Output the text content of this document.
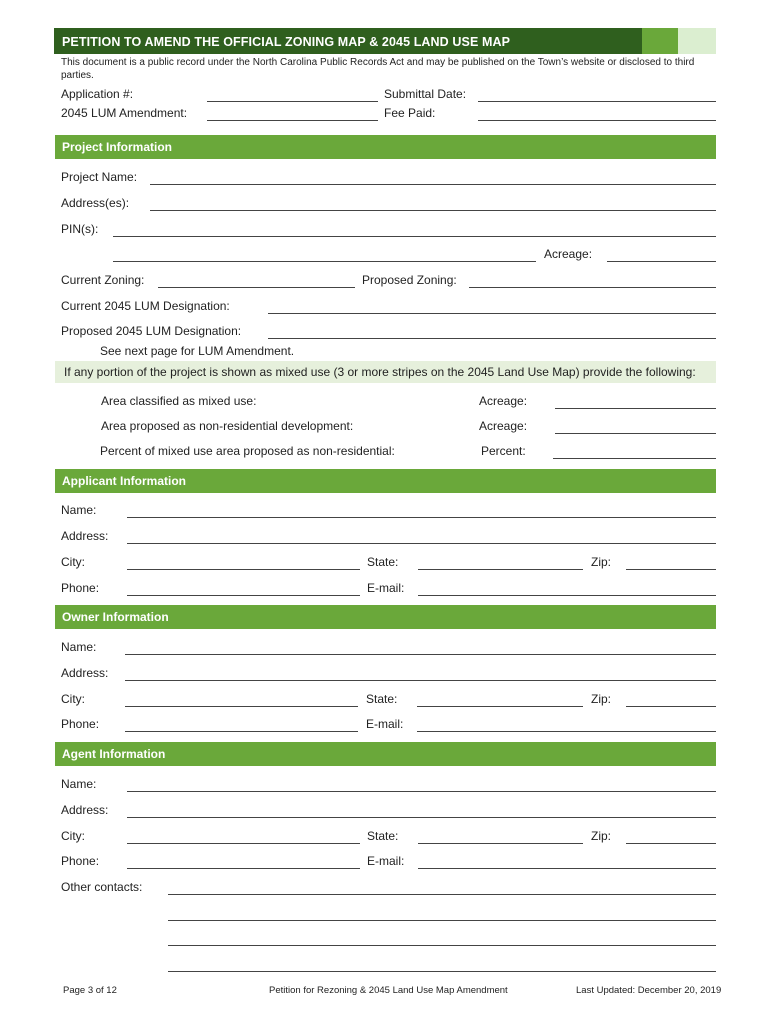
PETITION TO AMEND THE OFFICIAL ZONING MAP & 2045 LAND USE MAP
This document is a public record under the North Carolina Public Records Act and may be published on the Town’s website or disclosed to third parties.
Application #:	Submittal Date:
2045 LUM Amendment:	Fee Paid:
Project Information
Project Name:
Address(es):
PIN(s):
Acreage:
Current Zoning:	Proposed Zoning:
Current 2045 LUM Designation:
Proposed 2045 LUM Designation:
See next page for LUM Amendment.
If any portion of the project is shown as mixed use (3 or more stripes on the 2045 Land Use Map) provide the following:
Area classified as mixed use:	Acreage:
Area proposed as non-residential development:	Acreage:
Percent of mixed use area proposed as non-residential:	Percent:
Applicant Information
Name:
Address:
City:	State:	Zip:
Phone:	E-mail:
Owner Information
Name:
Address:
City:	State:	Zip:
Phone:	E-mail:
Agent Information
Name:
Address:
City:	State:	Zip:
Phone:	E-mail:
Other contacts:
Page 3 of 12	Petition for Rezoning & 2045 Land Use Map Amendment	Last Updated: December 20, 2019
